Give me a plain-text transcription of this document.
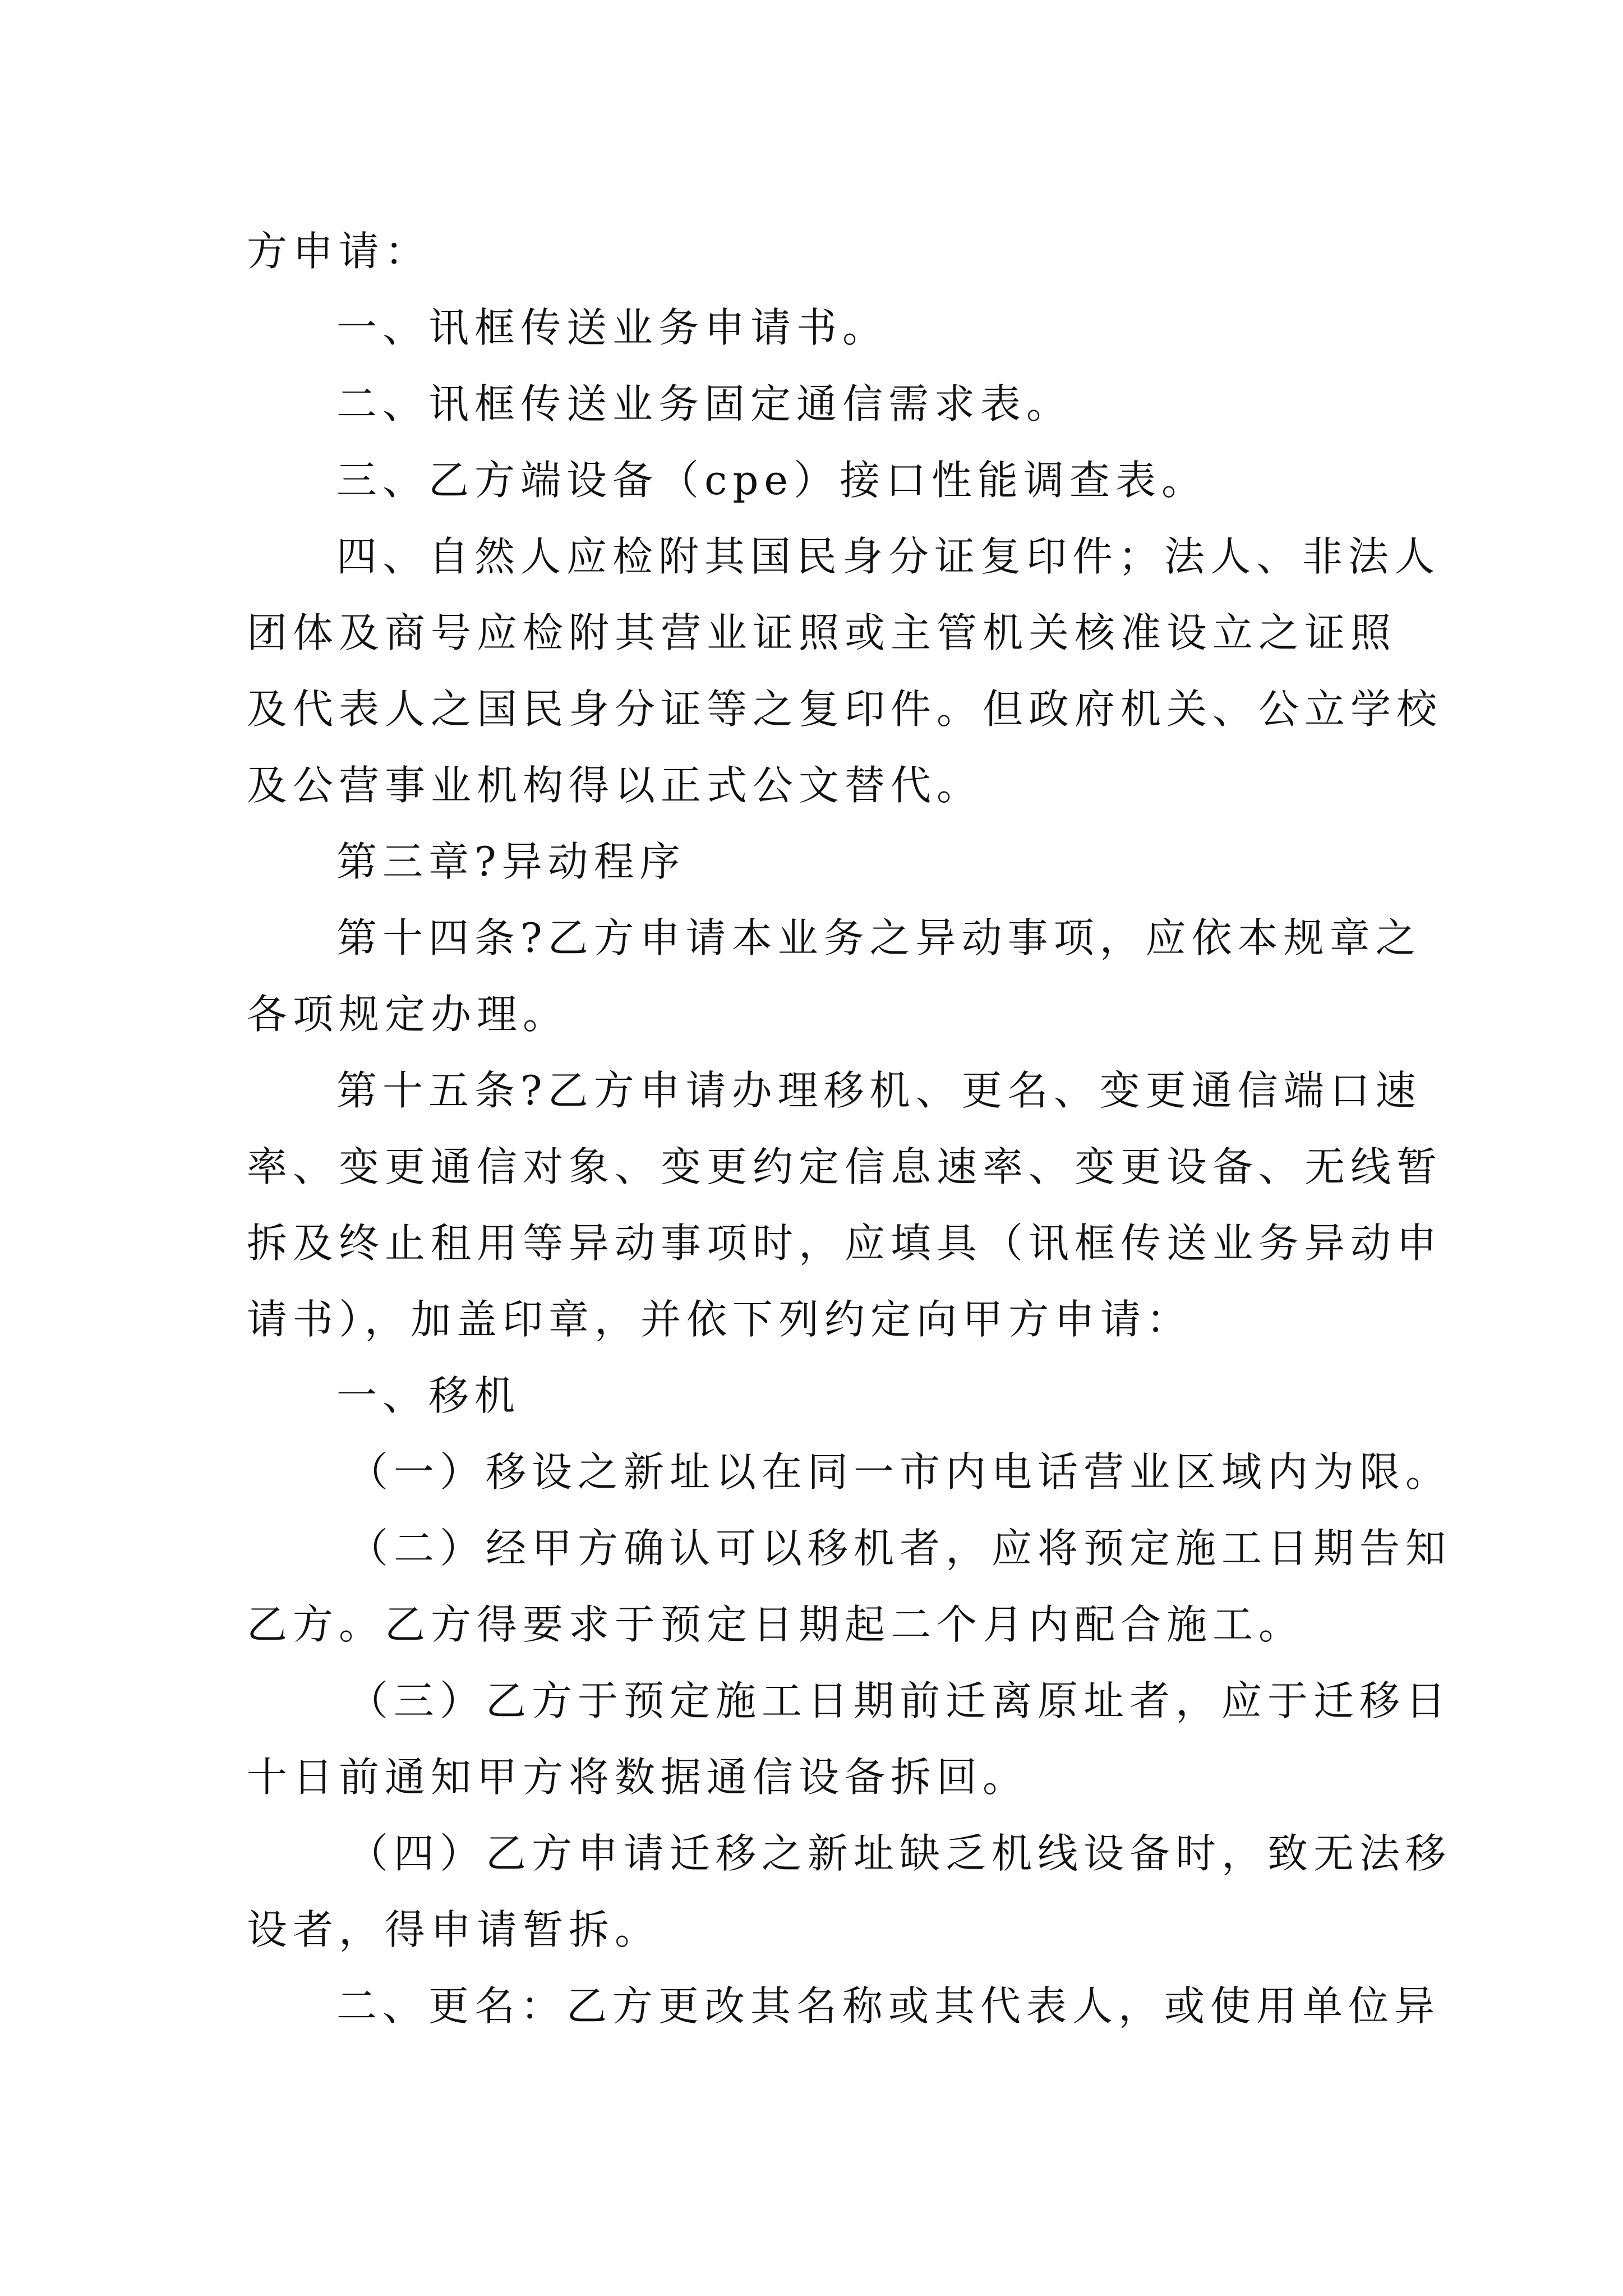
方申请：
一、讯框传送业务申请书。
二、讯框传送业务固定通信需求表。
三、乙方端设备（cpe）接口性能调查表。
四、自然人应检附其国民身分证复印件；法人、非法人
团体及商号应检附其营业证照或主管机关核准设立之证照
及代表人之国民身分证等之复印件。但政府机关、公立学校
及公营事业机构得以正式公文替代。
第三章?异动程序
第十四条?乙方申请本业务之异动事项，应依本规章之
各项规定办理。
第十五条?乙方申请办理移机、更名、变更通信端口速
率、变更通信对象、变更约定信息速率、变更设备、无线暂
拆及终止租用等异动事项时，应填具（讯框传送业务异动申
请书），加盖印章，并依下列约定向甲方申请：
一、移机
（一）移设之新址以在同一市内电话营业区域内为限。
（二）经甲方确认可以移机者，应将预定施工日期告知
乙方。乙方得要求于预定日期起二个月内配合施工。
（三）乙方于预定施工日期前迁离原址者，应于迁移日
十日前通知甲方将数据通信设备拆回。
（四）乙方申请迁移之新址缺乏机线设备时，致无法移
设者，得申请暂拆。
二、更名：乙方更改其名称或其代表人，或使用单位异
